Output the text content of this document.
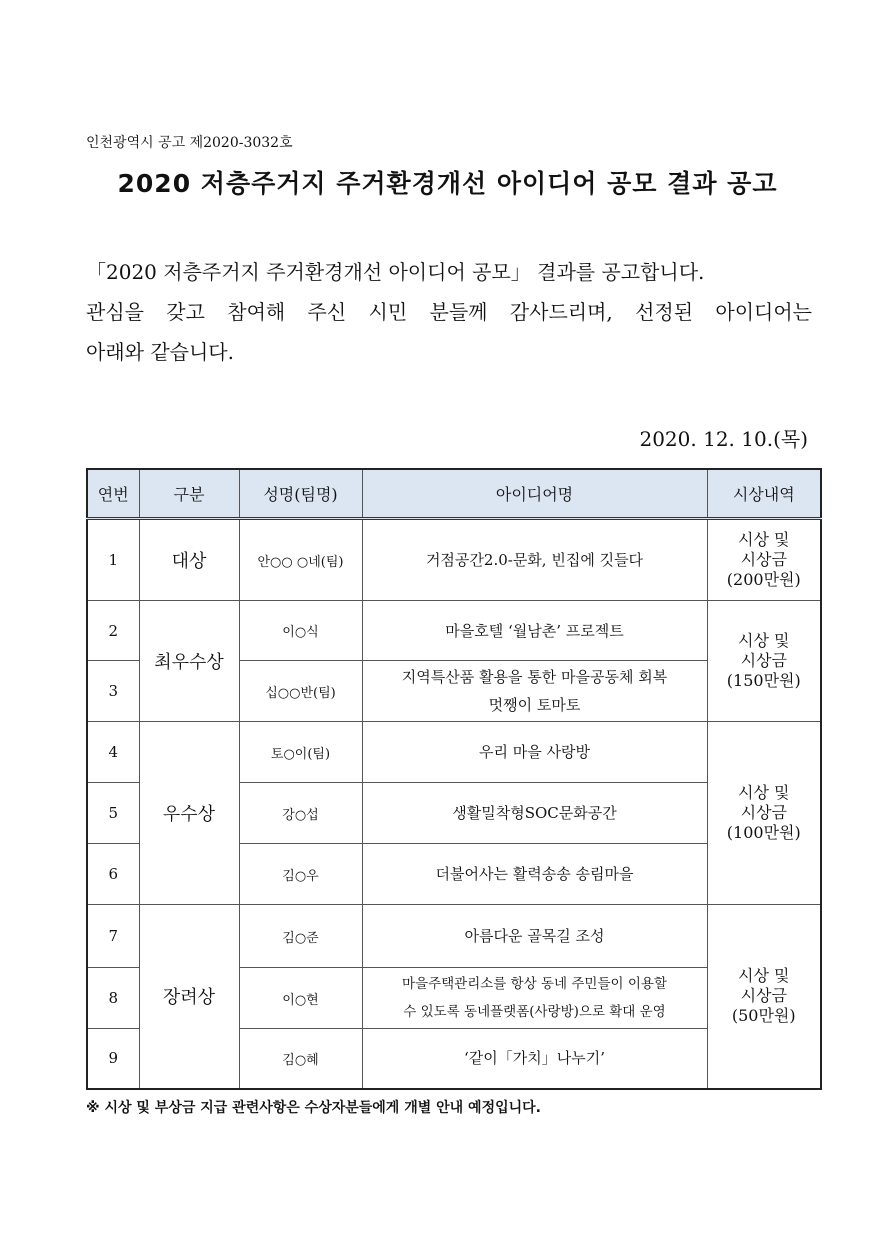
인천광역시 공고 제2020-3032호
2020 저층주거지 주거환경개선 아이디어 공모 결과 공고

「2020 저층주거지 주거환경개선 아이디어 공모」 결과를 공고합니다.

관심을 갖고 참여해 주신 시민 분들께 감사드리며, 선정된 아이디어는

아래와 같습니다.

2020. 12. 10.(목)
연번	구분	성명(팀명)	아이디어명	시상내역
1	대상	안○○ ○네(팀)	거점공간2.0-문화, 빈집에 깃들다	시상 및
시상금
(200만원)

2	최우수상	이○식	마을호텔 ‘월남촌’ 프로젝트	시상 및
시상금
(150만원)

3		십○○반(팀)	지역특산품 활용을 통한 마을공동체 회복
멋쨍이 토마토	

4	우수상	토○이(팀)	우리 마을 사랑방	시상 및
시상금
(100만원)

5		강○섭	생활밀착형SOC문화공간	
6		김○우	더불어사는 활력송송 송림마을	
7	장려상	김○준	아름다운 골목길 조성	시상 및
시상금
(50만원)

8		이○현	마을주택관리소를 항상 동네 주민들이 이용할
수 있도록 동네플랫폼(사랑방)으로 확대 운영	

9		김○혜	‘같이「가치」나누기’	
※ 시상 및 부상금 지급 관련사항은 수상자분들에게 개별 안내 예정입니다.
